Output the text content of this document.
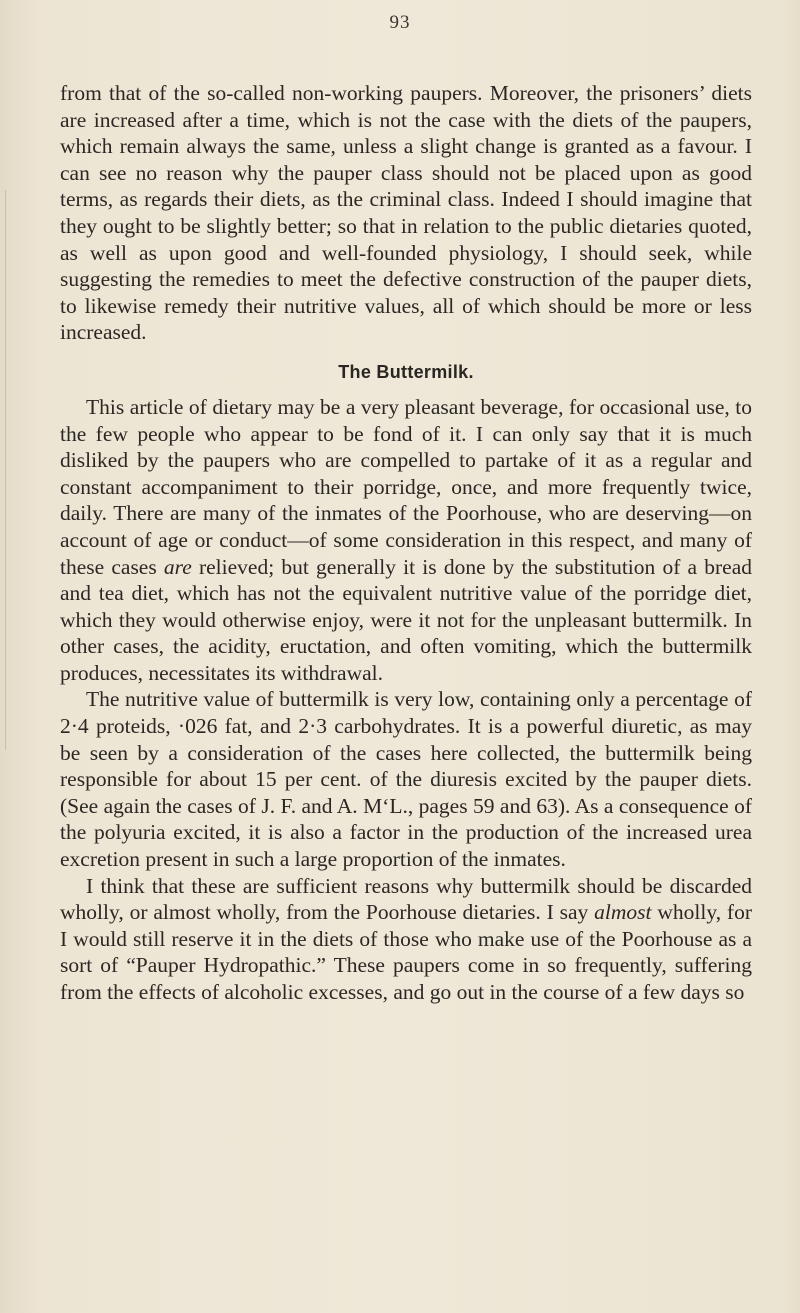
93

from that of the so-called non-working paupers. Moreover, the prisoners’ diets are increased after a time, which is not the case with the diets of the paupers, which remain always the same, unless a slight change is granted as a favour. I can see no reason why the pauper class should not be placed upon as good terms, as regards their diets, as the criminal class. Indeed I should imagine that they ought to be slightly better; so that in relation to the public dietaries quoted, as well as upon good and well-founded physiology, I should seek, while suggesting the remedies to meet the defective construction of the pauper diets, to likewise remedy their nutritive values, all of which should be more or less increased.

The Buttermilk.

This article of dietary may be a very pleasant beverage, for occasional use, to the few people who appear to be fond of it. I can only say that it is much disliked by the paupers who are compelled to partake of it as a regular and constant accompaniment to their porridge, once, and more frequently twice, daily. There are many of the inmates of the Poorhouse, who are deserving—on account of age or conduct—of some consideration in this respect, and many of these cases are relieved; but generally it is done by the substitution of a bread and tea diet, which has not the equivalent nutritive value of the porridge diet, which they would otherwise enjoy, were it not for the unpleasant buttermilk. In other cases, the acidity, eructation, and often vomiting, which the buttermilk produces, necessitates its withdrawal.

The nutritive value of buttermilk is very low, containing only a percentage of 2·4 proteids, ·026 fat, and 2·3 carbohydrates. It is a powerful diuretic, as may be seen by a consideration of the cases here collected, the buttermilk being responsible for about 15 per cent. of the diuresis excited by the pauper diets. (See again the cases of J. F. and A. M‘L., pages 59 and 63). As a consequence of the polyuria excited, it is also a factor in the production of the increased urea excretion present in such a large proportion of the inmates.

I think that these are sufficient reasons why buttermilk should be discarded wholly, or almost wholly, from the Poorhouse dietaries. I say almost wholly, for I would still reserve it in the diets of those who make use of the Poorhouse as a sort of “Pauper Hydropathic.” These paupers come in so frequently, suffering from the effects of alcoholic excesses, and go out in the course of a few days so
